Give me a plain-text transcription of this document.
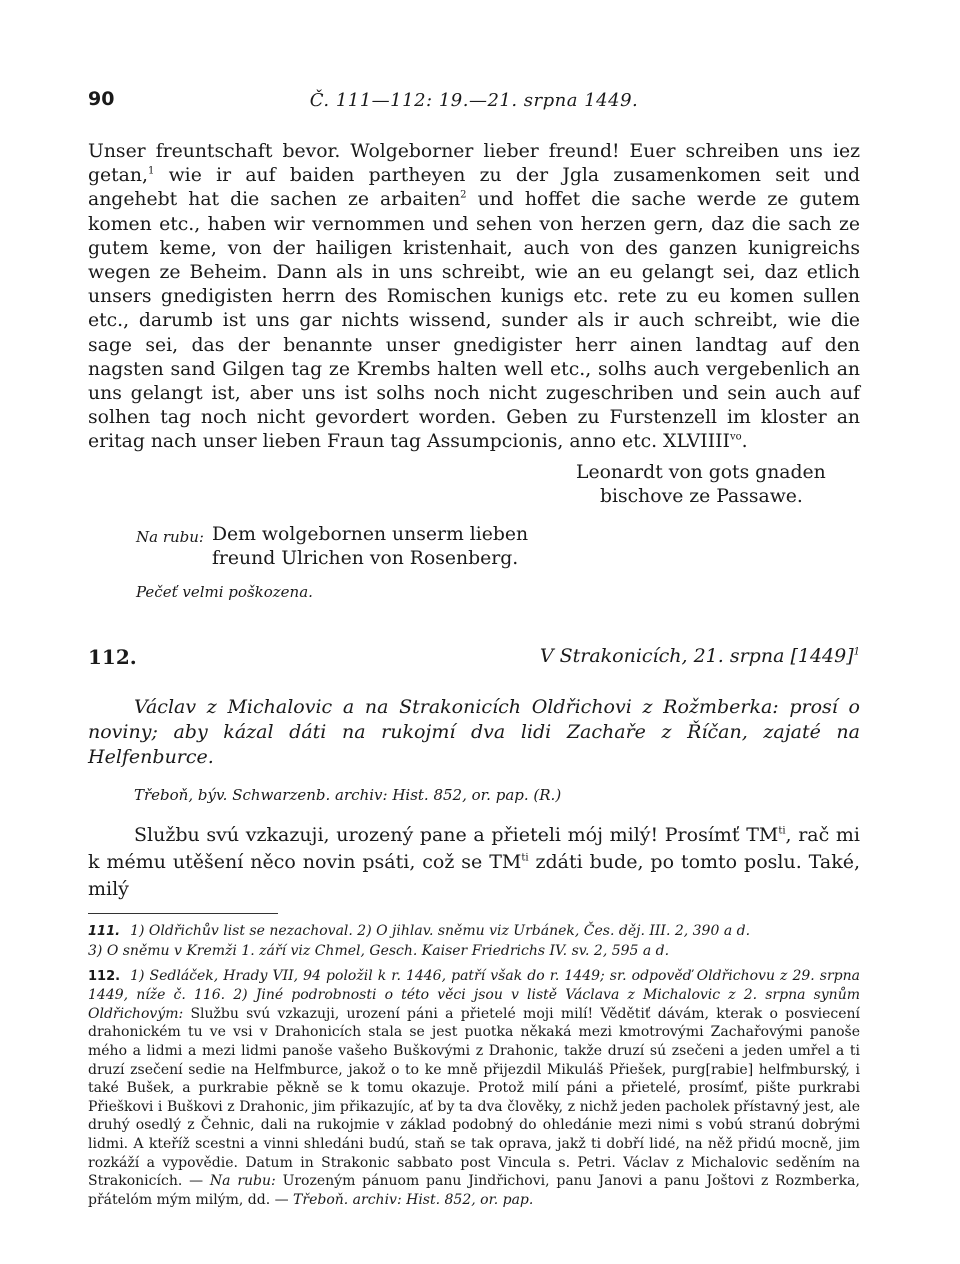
90	Č. 111—112: 19.—21. srpna 1449.

Unser freuntschaft bevor. Wolgeborner lieber freund! Euer schreiben uns iez getan,$^1$ wie ir auf baiden partheyen zu der Jgla zusamenkomen seit und angehebt hat die sachen ze arbaiten$^2$ und hoffet die sache werde ze gutem komen etc., haben wir vernommen und sehen von herzen gern, daz die sach ze gutem keme, von der hailigen kristenhait, auch von des ganzen kunigreichs wegen ze Beheim. Dann als in uns schreibt, wie an eu gelangt sei, daz etlich unsers gnedigisten herrn des Romischen kunigs etc. rete zu eu komen sullen etc., darumb ist uns gar nichts wissend, sunder als ir auch schreibt, wie die sage sei, das der benannte unser gnedigister herr ainen landtag auf den nagsten sand Gilgen tag ze Krembs halten well etc., solhs auch vergebenlich an uns gelangt ist, aber uns ist solhs noch nicht zugeschriben und sein auch auf solhen tag noch nicht gevordert worden. Geben zu Furstenzell im kloster an eritag nach unser lieben Fraun tag Assumpcionis, anno etc. $XLVIIII^{vo}$.

Leonardt von gots gnaden
bischove ze Passawe.
Na rubu: Dem wolgebornen unserm lieben
freund Ulrichen von Rosenberg.
Pečeť velmi poškozena.
112.	V Strakonicích, 21. srpna $[1449]^1$
Václav z Michalovic a na Strakonicích Oldřichovi z Rožmberka: prosí o noviny; aby kázal dáti na rukojmí dva lidi Zachaře z Říčan, zajaté na Helfenburce.
Třeboň, býv. Schwarzenb. archiv: Hist. 852, or. pap. (R.)
Službu svú vzkazuji, urozený pane a přieteli mój milý! Prosímť $TM^{ti}$, rač mi k mému utěšení něco novin psáti, což se $TM^{ti}$ zdáti bude, po tomto poslu. Také, milý
111. 1) Oldřichův list se nezachoval. 2) O jihlav. sněmu viz Urbánek, Čes. děj. III. 2, 390 a d.
3) O sněmu v Kremži 1. září viz Chmel, Gesch. Kaiser Friedrichs IV. sv. 2, 595 a d.
112. 1) Sedláček, Hrady VII, 94 položil k r. 1446, patří však do r. 1449; sr. odpověď Oldřichovu z 29. srpna 1449, níže č. 116. 2) Jiné podrobnosti o této věci jsou v listě Václava z Michalovic z 2. srpna synům Oldřichovým: Službu svú vzkazuji, urození páni a přietelé moji milí! Vědětiť dávám, kterak o posviecení drahonickém tu ve vsi v Drahonicích stala se jest puotka někaká mezi kmotrovými Zachařovými panoše mého a lidmi a mezi lidmi panoše vašeho Buškovými z Drahonic, takže druzí sú zsečeni a jeden umřel a ti druzí zsečení sedie na Helfmburce, jakož o to ke mně přijezdil Mikuláš Přiešek, purg[rabie] helfmburský, i také Bušek, a purkrabie pěkně se k tomu okazuje. Protož milí páni a přietelé, prosímť, pište purkrabi Přieškovi i Buškovi z Drahonic, jim přikazujíc, ať by ta dva člověky, z nichž jeden pacholek přístavný jest, ale druhý osedlý z Čehnic, dali na rukojmie v základ podobný do ohledánie mezi nimi s vobú stranú dobrými lidmi. A kteříž scestni a vinni shledáni budú, staň se tak oprava, jakž ti dobří lidé, na něž přidú mocně, jim rozkáží a vypovědie. Datum in Strakonic sabbato post Vincula s. Petri. Václav z Michalovic seděním na Strakonicích. — Na rubu: Urozeným pánuom panu Jindřichovi, panu Janovi a panu Joštovi z Rozmberka, přátelóm mým milým, dd. — Třeboň. archiv: Hist. 852, or. pap.
